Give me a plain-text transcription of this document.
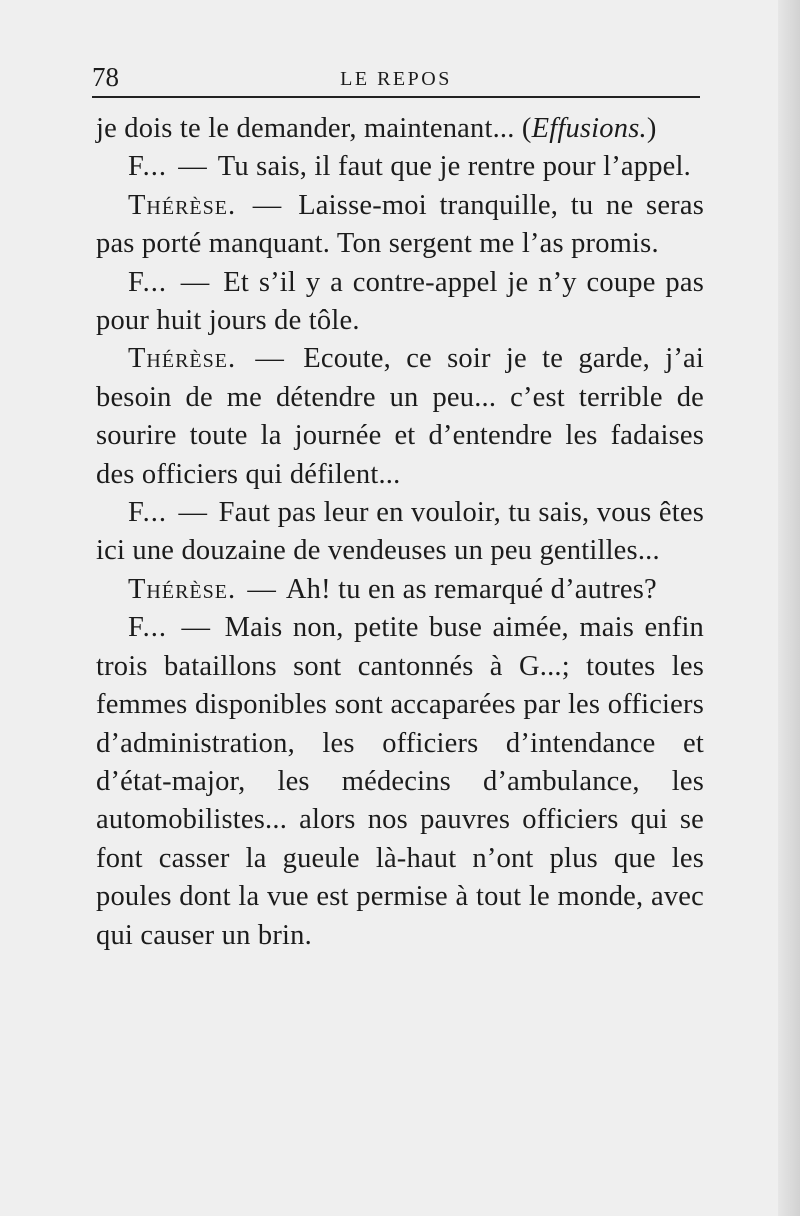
78	LE REPOS

je dois te le demander, maintenant... (Effusions.)

F... — Tu sais, il faut que je rentre pour l’appel.

Thérèse. — Laisse-moi tranquille, tu ne seras pas porté manquant. Ton sergent me l’as promis.

F... — Et s’il y a contre-appel je n’y coupe pas pour huit jours de tôle.

Thérèse. — Ecoute, ce soir je te garde, j’ai besoin de me détendre un peu... c’est terrible de sourire toute la journée et d’entendre les fadaises des officiers qui défilent...

F... — Faut pas leur en vouloir, tu sais, vous êtes ici une douzaine de vendeuses un peu gentilles...

Thérèse. — Ah! tu en as remarqué d’autres?

F... — Mais non, petite buse aimée, mais enfin trois bataillons sont cantonnés à G...; toutes les femmes disponibles sont accaparées par les officiers d’administration, les officiers d’intendance et d’état-major, les médecins d’ambulance, les automobilistes... alors nos pauvres officiers qui se font casser la gueule là-haut n’ont plus que les poules dont la vue est permise à tout le monde, avec qui causer un brin.
